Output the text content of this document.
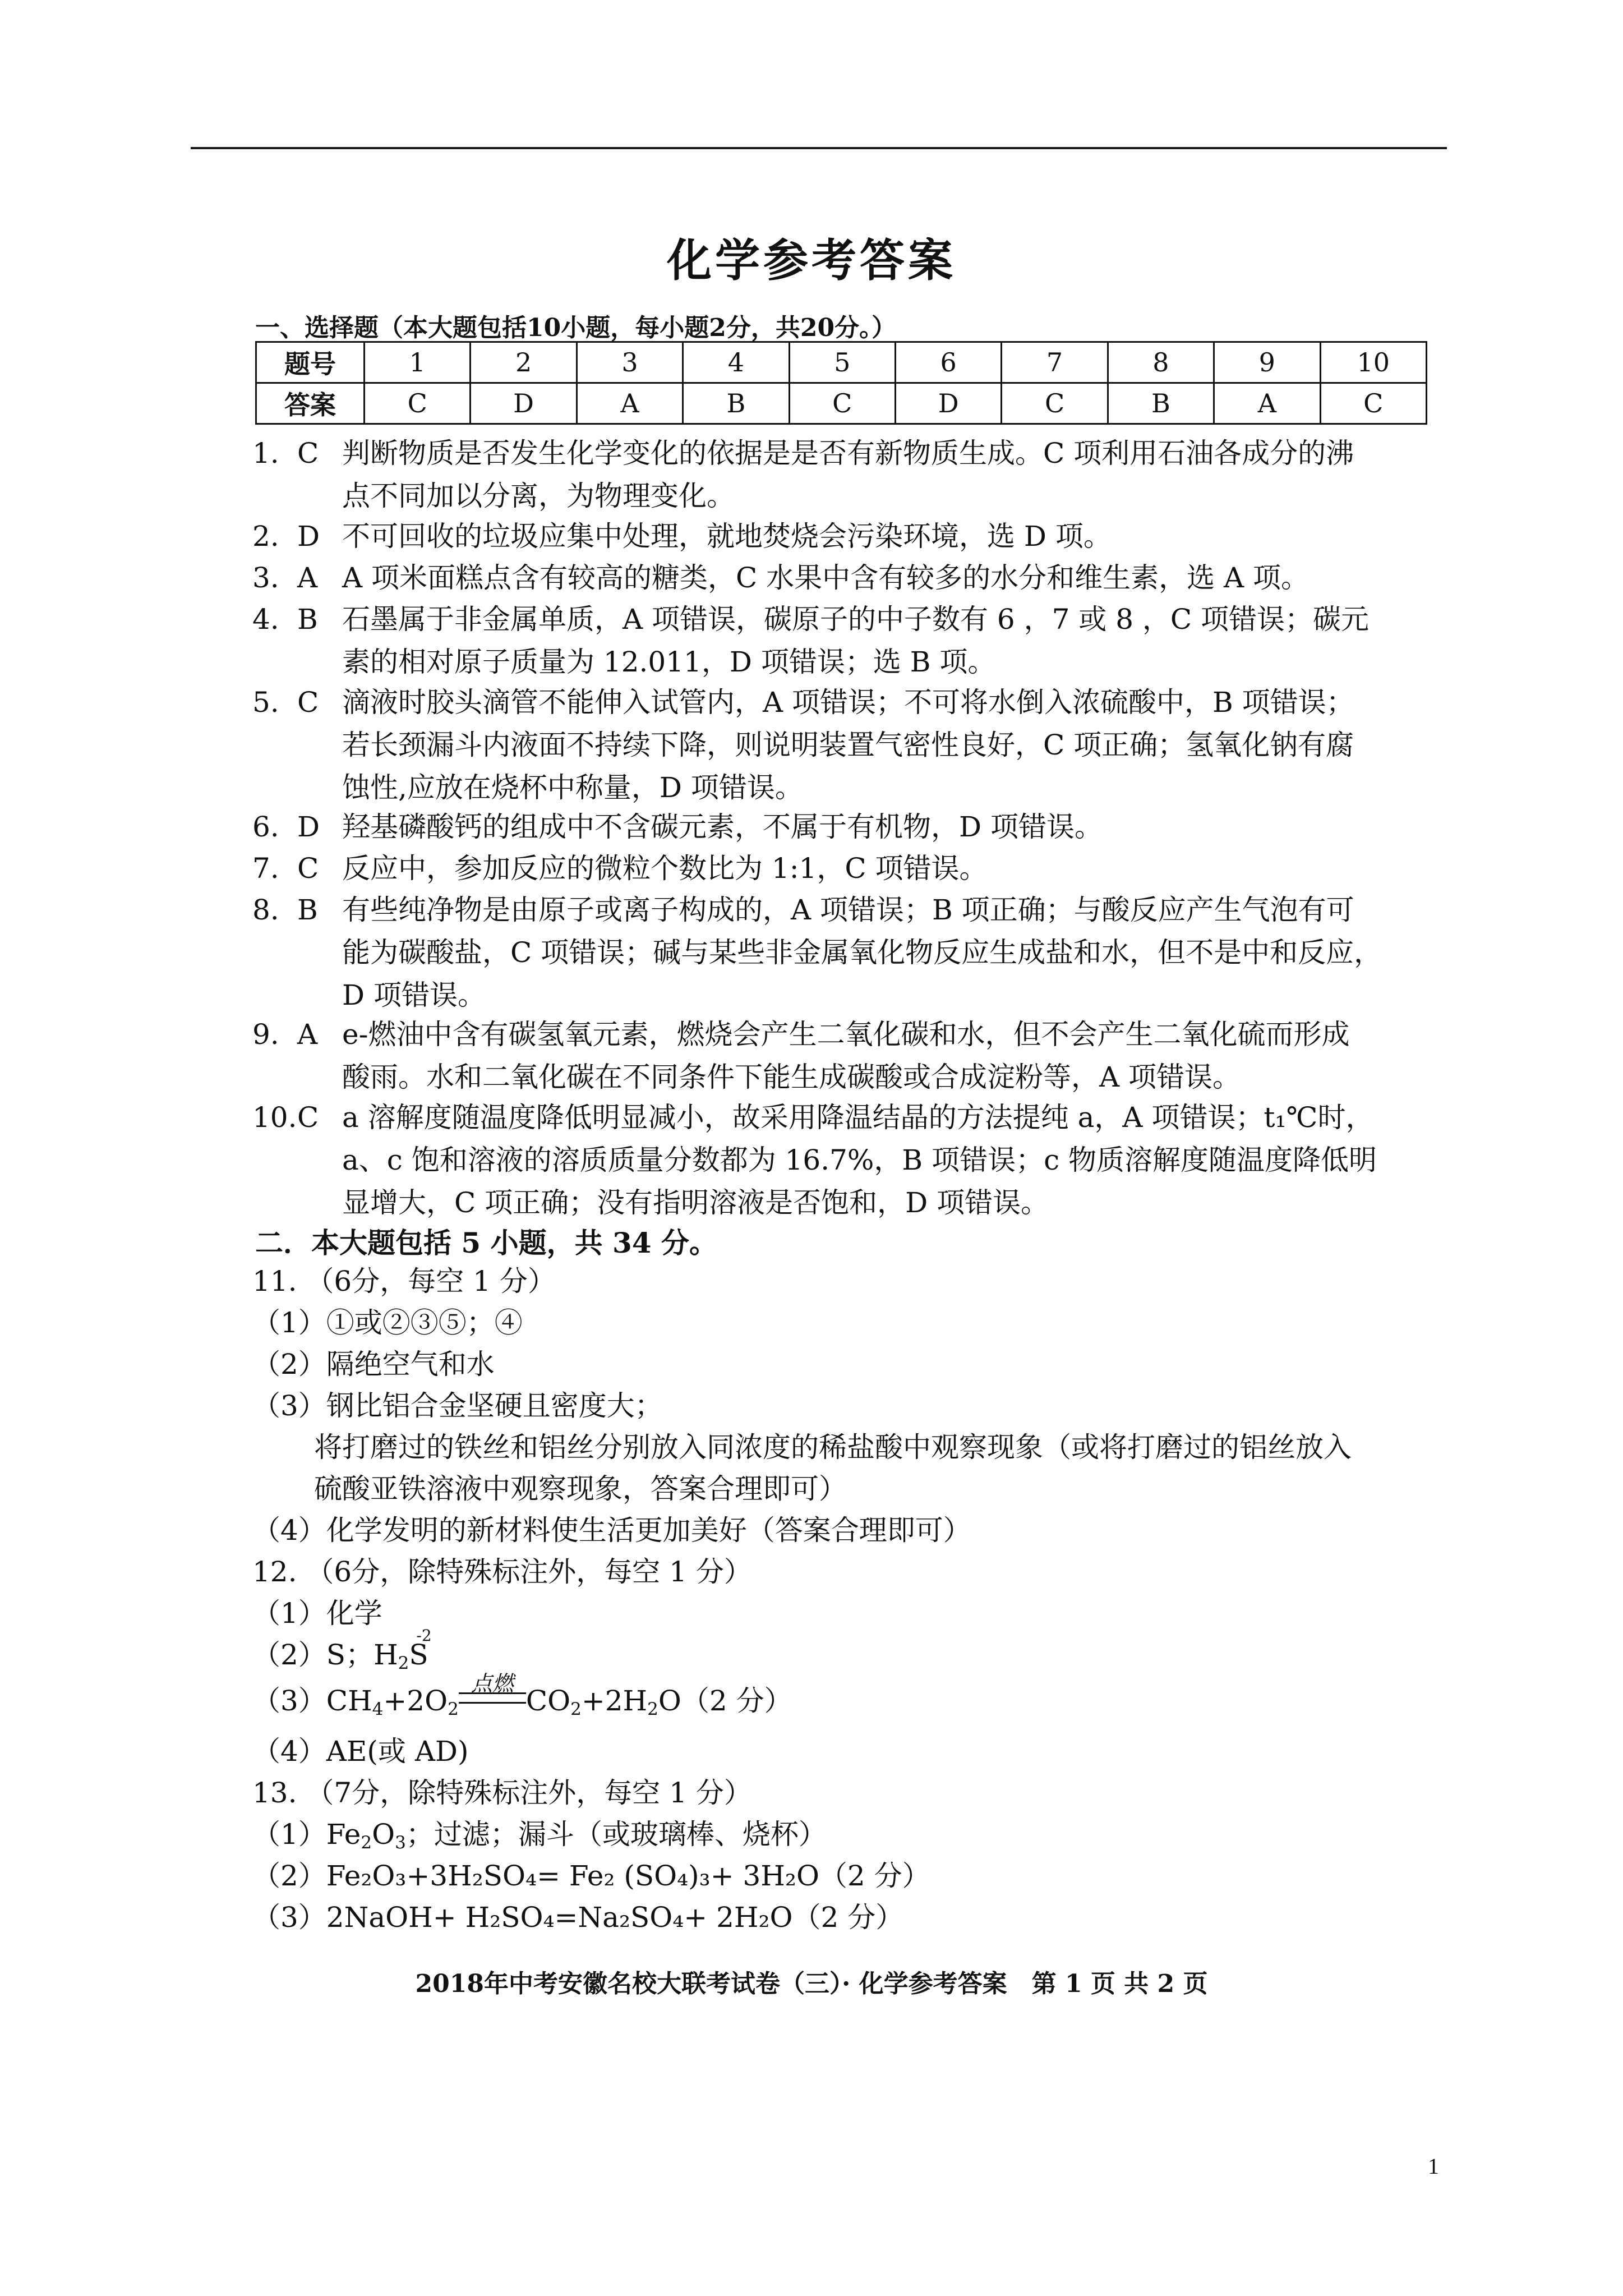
化学参考答案
一、选择题（本大题包括10小题，每小题2分，共20分。）
题号	1	2	3	4	5	6	7	8	9	10
答案	C	D	A	B	C	D	C	B	A	C
1. C 判断物质是否发生化学变化的依据是是否有新物质生成。C 项利用石油各成分的沸
点不同加以分离，为物理变化。
2. D 不可回收的垃圾应集中处理，就地焚烧会污染环境，选 D 项。
3. A A 项米面糕点含有较高的糖类，C 水果中含有较多的水分和维生素，选 A 项。
4. B 石墨属于非金属单质，A 项错误，碳原子的中子数有 6 ，7 或 8 ，C 项错误；碳元
素的相对原子质量为 12.011，D 项错误；选 B 项。
5. C 滴液时胶头滴管不能伸入试管内，A 项错误；不可将水倒入浓硫酸中，B 项错误；
若长颈漏斗内液面不持续下降，则说明装置气密性良好，C 项正确；氢氧化钠有腐
蚀性,应放在烧杯中称量，D 项错误。
6. D 羟基磷酸钙的组成中不含碳元素，不属于有机物，D 项错误。
7. C 反应中，参加反应的微粒个数比为 1:1，C 项错误。
8. B 有些纯净物是由原子或离子构成的，A 项错误；B 项正确；与酸反应产生气泡有可
能为碳酸盐，C 项错误；碱与某些非金属氧化物反应生成盐和水，但不是中和反应，
D 项错误。
9. A e-燃油中含有碳氢氧元素，燃烧会产生二氧化碳和水，但不会产生二氧化硫而形成
酸雨。水和二氧化碳在不同条件下能生成碳酸或合成淀粉等，A 项错误。
10. C a 溶解度随温度降低明显减小，故采用降温结晶的方法提纯 a，A 项错误；t₁℃时，
a、c 饱和溶液的溶质质量分数都为 16.7%，B 项错误；c 物质溶解度随温度降低明
显增大，C 项正确；没有指明溶液是否饱和，D 项错误。
二．本大题包括 5 小题，共 34 分。
11. （6分，每空 1 分）
（1）①或②③⑤；④
（2）隔绝空气和水
（3）钢比铝合金坚硬且密度大；
将打磨过的铁丝和铝丝分别放入同浓度的稀盐酸中观察现象（或将打磨过的铝丝放入
硫酸亚铁溶液中观察现象，答案合理即可）
（4）化学发明的新材料使生活更加美好（答案合理即可）
12. （6分，除特殊标注外，每空 1 分）
（1）化学
（2）S；$H_2S$
-2
$(3)CH_4+2O_2$
点燃
$CO_2+2H_2O(2$ 分）
（4）AE(或 AD)
13. （7分，除特殊标注外，每空 1 分）
$(1)Fe_2O_3$；过滤；漏斗（或玻璃棒、烧杯）
（2）Fe₂O₃+3H₂SO₄= Fe₂ (SO₄)₃+ 3H₂O（2 分）
（3）2NaOH+ H₂SO₄=Na₂SO₄+ 2H₂O（2 分）
2018年中考安徽名校大联考试卷（三）· 化学参考答案　第 1 页 共 2 页
1
